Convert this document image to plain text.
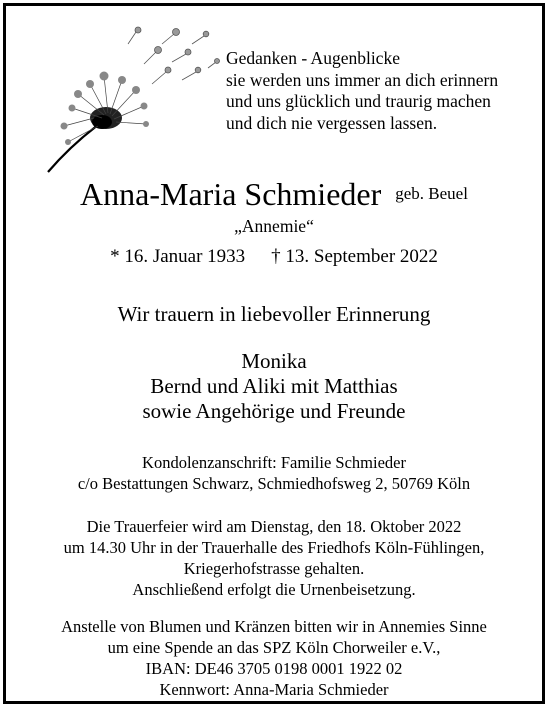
Gedanken - Augenblicke
sie werden uns immer an dich erinnern
und uns glücklich und traurig machen
und dich nie vergessen lassen.
Anna-Maria Schmieder geb. Beuel
„Annemie“
* 16. Januar 1933 † 13. September 2022
Wir trauern in liebevoller Erinnerung
Monika
Bernd und Aliki mit Matthias
sowie Angehörige und Freunde
Kondolenzanschrift: Familie Schmieder
c/o Bestattungen Schwarz, Schmiedhofsweg 2, 50769 Köln
Die Trauerfeier wird am Dienstag, den 18. Oktober 2022
um 14.30 Uhr in der Trauerhalle des Friedhofs Köln-Fühlingen,
Kriegerhofstrasse gehalten.
Anschließend erfolgt die Urnenbeisetzung.
Anstelle von Blumen und Kränzen bitten wir in Annemies Sinne
um eine Spende an das SPZ Köln Chorweiler e.V.,
IBAN: DE46 3705 0198 0001 1922 02
Kennwort: Anna-Maria Schmieder
